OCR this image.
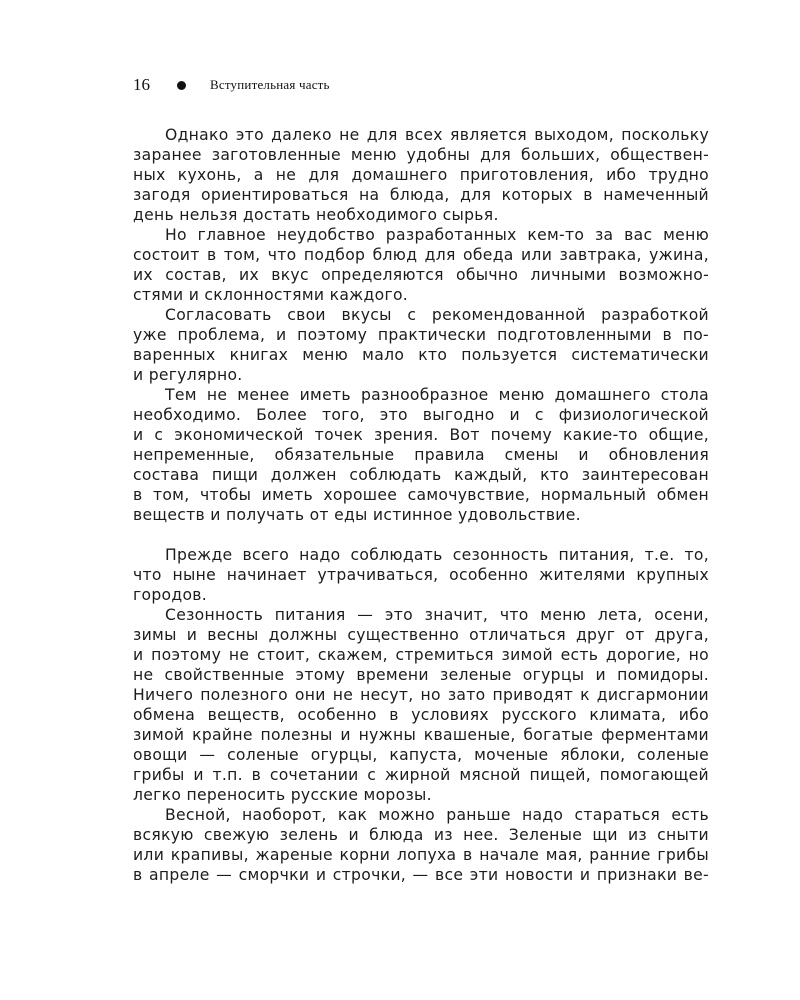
16	Вступительная часть
Однако это далеко не для всех является выходом, поскольку
заранее заготовленные меню удобны для больших, обществен-
ных кухонь, а не для домашнего приготовления, ибо трудно
загодя ориентироваться на блюда, для которых в намеченный
день нельзя достать необходимого сырья.
Но главное неудобство разработанных кем-то за вас меню
состоит в том, что подбор блюд для обеда или завтрака, ужина,
их состав, их вкус определяются обычно личными возможно-
стями и склонностями каждого.
Согласовать свои вкусы с рекомендованной разработкой
уже проблема, и поэтому практически подготовленными в по-
варенных книгах меню мало кто пользуется систематически
и регулярно.
Тем не менее иметь разнообразное меню домашнего стола
необходимо. Более того, это выгодно и с физиологической
и с экономической точек зрения. Вот почему какие-то общие,
непременные, обязательные правила смены и обновления
состава пищи должен соблюдать каждый, кто заинтересован
в том, чтобы иметь хорошее самочувствие, нормальный обмен
веществ и получать от еды истинное удовольствие.
Прежде всего надо соблюдать сезонность питания, т.е. то,
что ныне начинает утрачиваться, особенно жителями крупных
городов.
Сезонность питания — это значит, что меню лета, осени,
зимы и весны должны существенно отличаться друг от друга,
и поэтому не стоит, скажем, стремиться зимой есть дорогие, но
не свойственные этому времени зеленые огурцы и помидоры.
Ничего полезного они не несут, но зато приводят к дисгармонии
обмена веществ, особенно в условиях русского климата, ибо
зимой крайне полезны и нужны квашеные, богатые ферментами
овощи — соленые огурцы, капуста, моченые яблоки, соленые
грибы и т.п. в сочетании с жирной мясной пищей, помогающей
легко переносить русские морозы.
Весной, наоборот, как можно раньше надо стараться есть
всякую свежую зелень и блюда из нее. Зеленые щи из сныти
или крапивы, жареные корни лопуха в начале мая, ранние грибы
в апреле — сморчки и строчки, — все эти новости и признаки ве-
